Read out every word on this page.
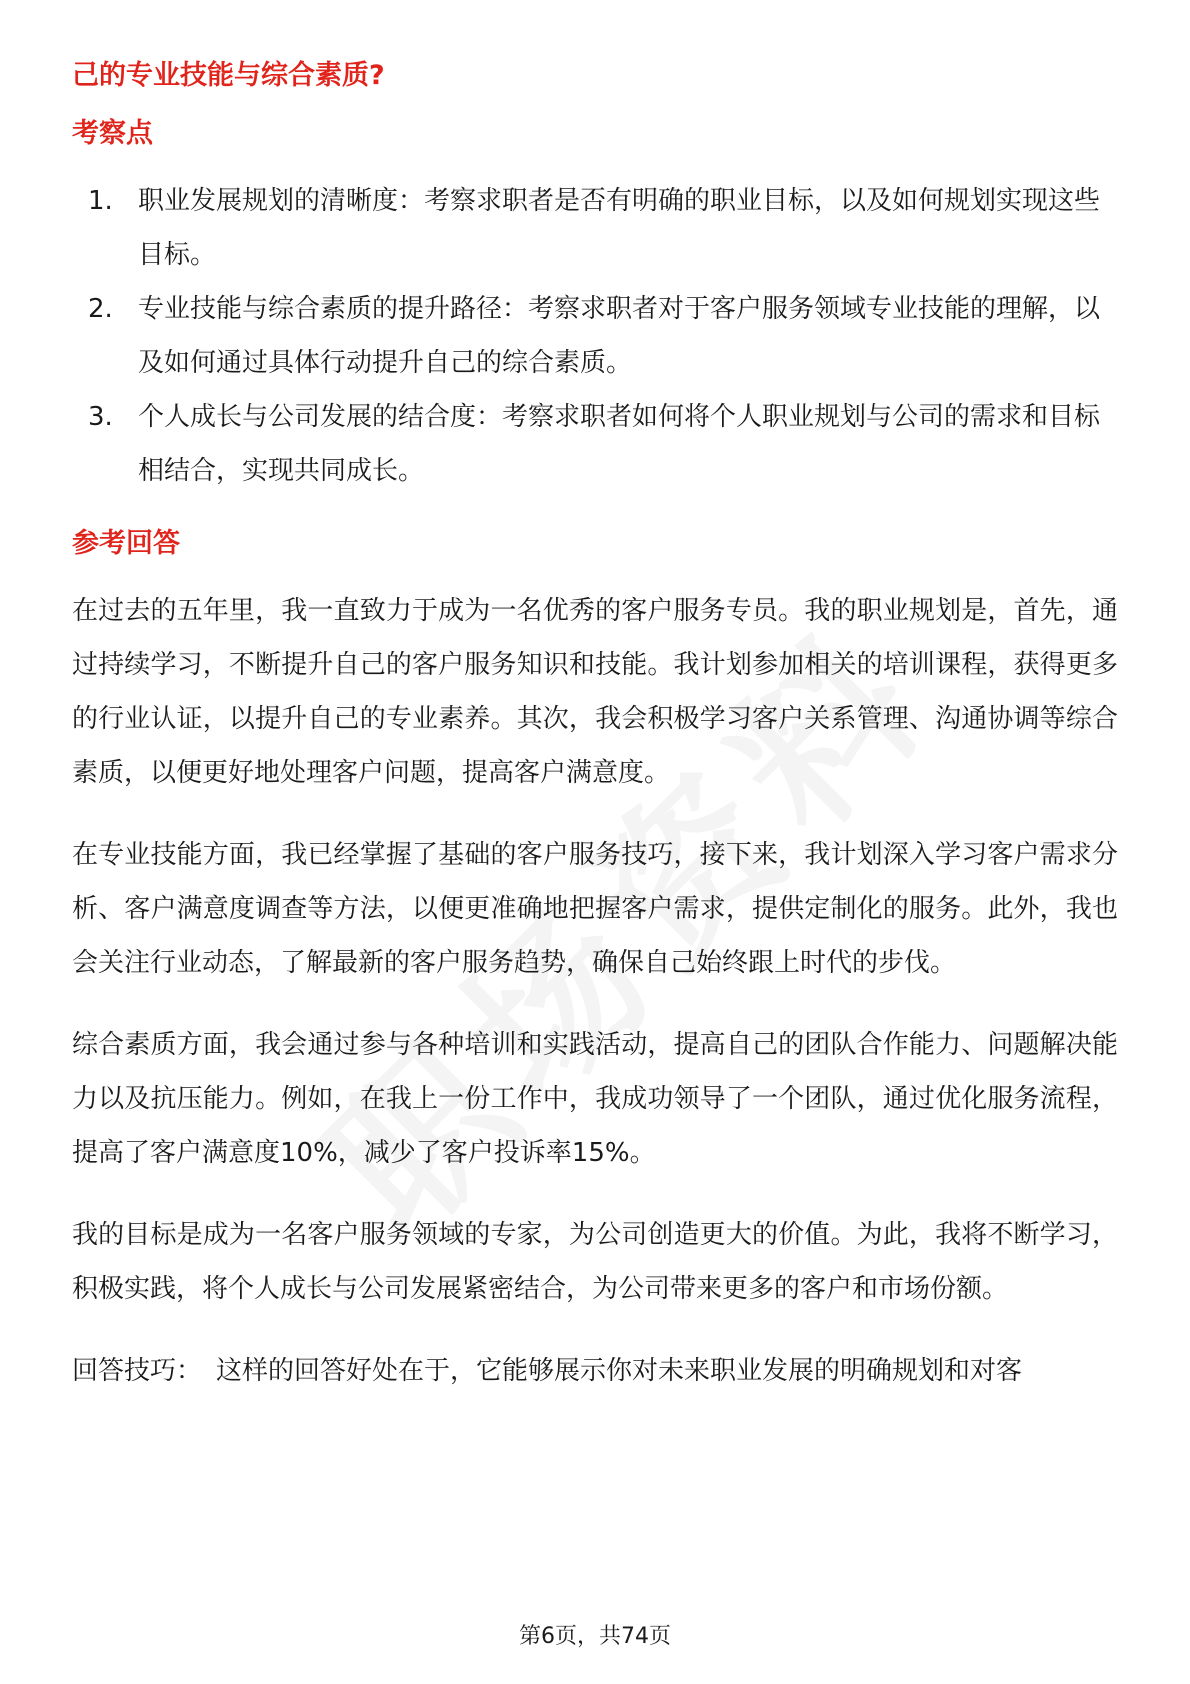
己的专业技能与综合素质?
考察点
1. 职业发展规划的清晰度：考察求职者是否有明确的职业目标，以及如何规划实现这些目标。
2. 专业技能与综合素质的提升路径：考察求职者对于客户服务领域专业技能的理解，以及如何通过具体行动提升自己的综合素质。
3. 个人成长与公司发展的结合度：考察求职者如何将个人职业规划与公司的需求和目标相结合，实现共同成长。
参考回答

在过去的五年里，我一直致力于成为一名优秀的客户服务专员。我的职业规划是，首先，通过持续学习，不断提升自己的客户服务知识和技能。我计划参加相关的培训课程，获得更多的行业认证，以提升自己的专业素养。其次，我会积极学习客户关系管理、沟通协调等综合素质，以便更好地处理客户问题，提高客户满意度。

在专业技能方面，我已经掌握了基础的客户服务技巧，接下来，我计划深入学习客户需求分析、客户满意度调查等方法，以便更准确地把握客户需求，提供定制化的服务。此外，我也会关注行业动态，了解最新的客户服务趋势，确保自己始终跟上时代的步伐。

综合素质方面，我会通过参与各种培训和实践活动，提高自己的团队合作能力、问题解决能力以及抗压能力。例如，在我上一份工作中，我成功领导了一个团队，通过优化服务流程，提高了客户满意度10%，减少了客户投诉率15%。

我的目标是成为一名客户服务领域的专家，为公司创造更大的价值。为此，我将不断学习，积极实践，将个人成长与公司发展紧密结合，为公司带来更多的客户和市场份额。

回答技巧： 这样的回答好处在于，它能够展示你对未来职业发展的明确规划和对客

第6页，共74页
